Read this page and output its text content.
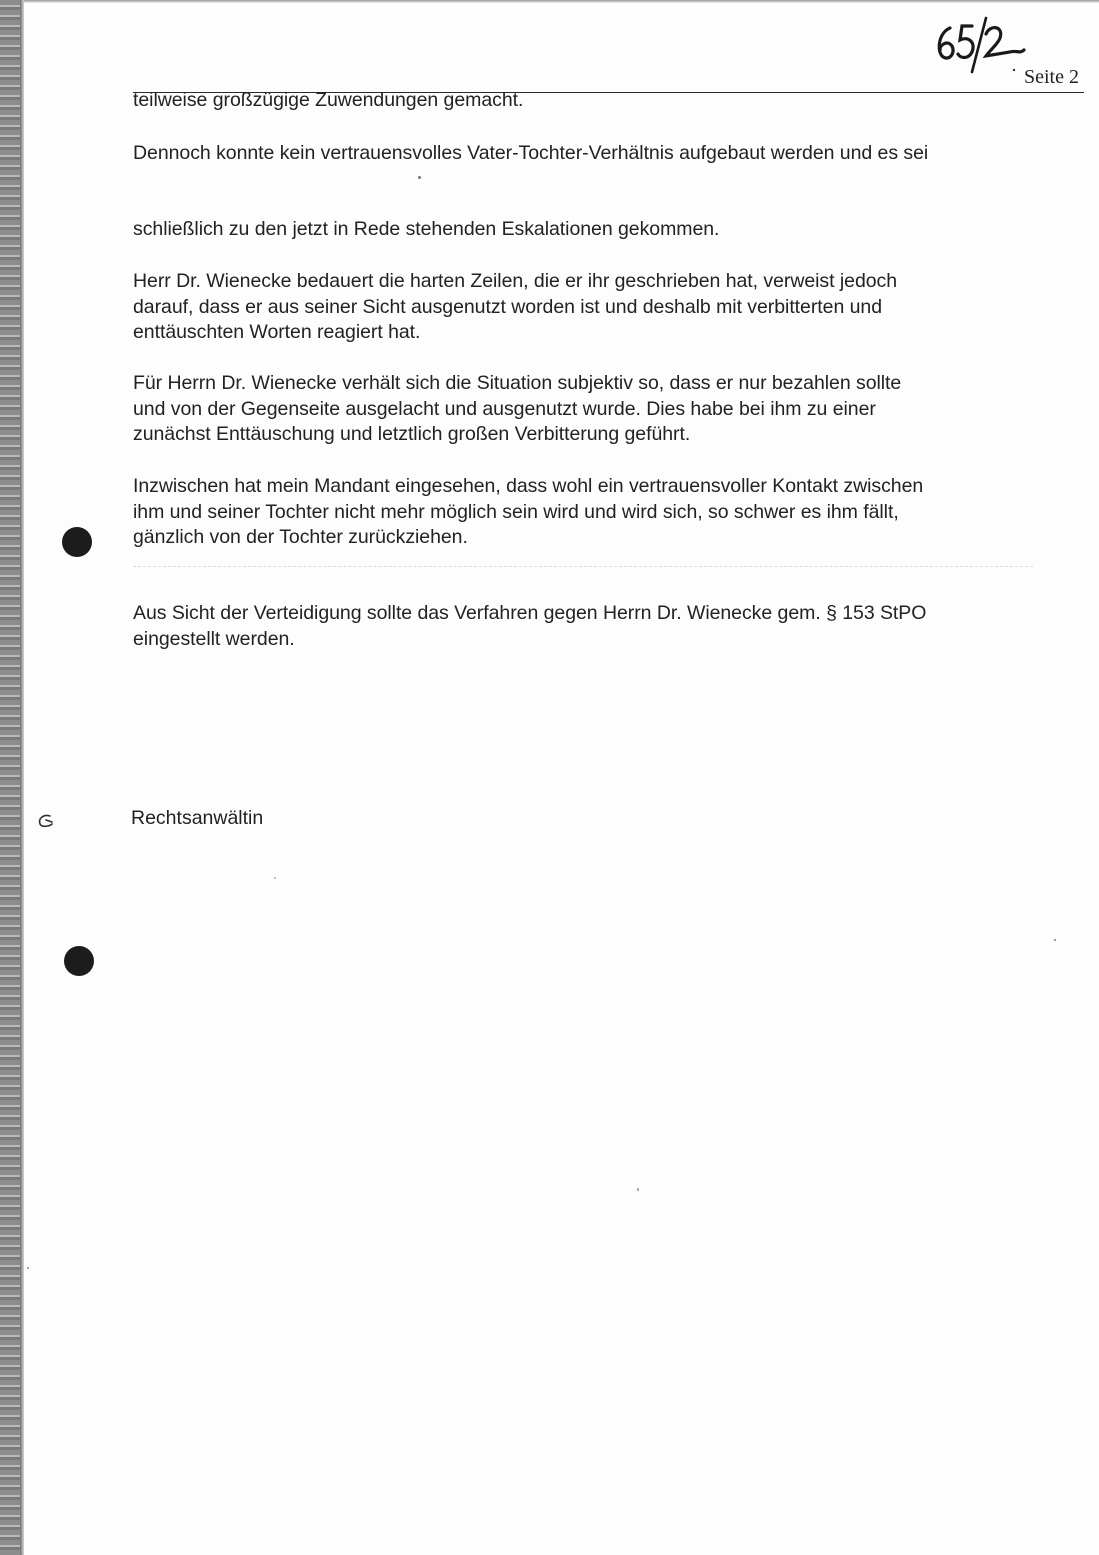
Seite 2

teilweise großzügige Zuwendungen gemacht.

Dennoch konnte kein vertrauensvolles Vater-Tochter-Verhältnis aufgebaut werden und es sei

schließlich zu den jetzt in Rede stehenden Eskalationen gekommen.

Herr Dr. Wienecke bedauert die harten Zeilen, die er ihr geschrieben hat, verweist jedoch
darauf, dass er aus seiner Sicht ausgenutzt worden ist und deshalb mit verbitterten und
enttäuschten Worten reagiert hat.

Für Herrn Dr. Wienecke verhält sich die Situation subjektiv so, dass er nur bezahlen sollte
und von der Gegenseite ausgelacht und ausgenutzt wurde. Dies habe bei ihm zu einer
zunächst Enttäuschung und letztlich großen Verbitterung geführt.

Inzwischen hat mein Mandant eingesehen, dass wohl ein vertrauensvoller Kontakt zwischen
ihm und seiner Tochter nicht mehr möglich sein wird und wird sich, so schwer es ihm fällt,
gänzlich von der Tochter zurückziehen.

Aus Sicht der Verteidigung sollte das Verfahren gegen Herrn Dr. Wienecke gem. § 153 StPO
eingestellt werden.

Rechtsanwältin
